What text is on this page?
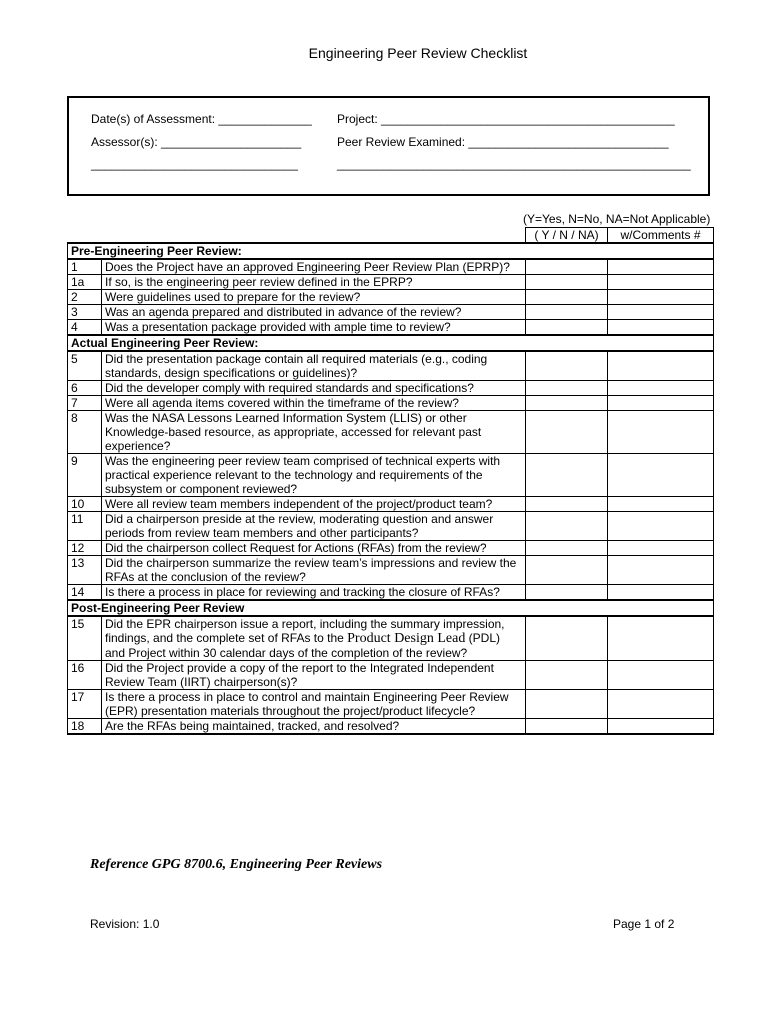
Engineering Peer Review Checklist
Date(s) of Assessment: ______________ Project: ____________________________________________
Assessor(s): _____________________	Peer Review Examined: ______________________________
_______________________________	_____________________________________________________
(Y=Yes, N=No, NA=Not Applicable)
		( Y / N / NA)	w/Comments #
Pre-Engineering Peer Review:			
1	Does the Project have an approved Engineering Peer Review Plan (EPRP)?		
1a	If so, is the engineering peer review defined in the EPRP?		
2	Were guidelines used to prepare for the review?		
3	Was an agenda prepared and distributed in advance of the review?		
4	Was a presentation package provided with ample time to review?		
Actual Engineering Peer Review:			
5	Did the presentation package contain all required materials (e.g., coding standards, design specifications or guidelines)?		
6	Did the developer comply with required standards and specifications?		
7	Were all agenda items covered within the timeframe of the review?		
8	Was the NASA Lessons Learned Information System (LLIS) or other Knowledge-based resource, as appropriate, accessed for relevant past experience?		
9	Was the engineering peer review team comprised of technical experts with practical experience relevant to the technology and requirements of the subsystem or component reviewed?		
10	Were all review team members independent of the project/product team?		
11	Did a chairperson preside at the review, moderating question and answer periods from review team members and other participants?		
12	Did the chairperson collect Request for Actions (RFAs) from the review?		
13	Did the chairperson summarize the review team’s impressions and review the RFAs at the conclusion of the review?		
14	Is there a process in place for reviewing and tracking the closure of RFAs?		
Post-Engineering Peer Review			
15	Did the EPR chairperson issue a report, including the summary impression, findings, and the complete set of RFAs to the Product Design Lead (PDL) and Project within 30 calendar days of the completion of the review?		
16	Did the Project provide a copy of the report to the Integrated Independent Review Team (IIRT) chairperson(s)?		
17	Is there a process in place to control and maintain Engineering Peer Review (EPR) presentation materials throughout the project/product lifecycle?		
18	Are the RFAs being maintained, tracked, and resolved?		
Reference GPG 8700.6, Engineering Peer Reviews
Revision: 1.0	Page 1 of 2
